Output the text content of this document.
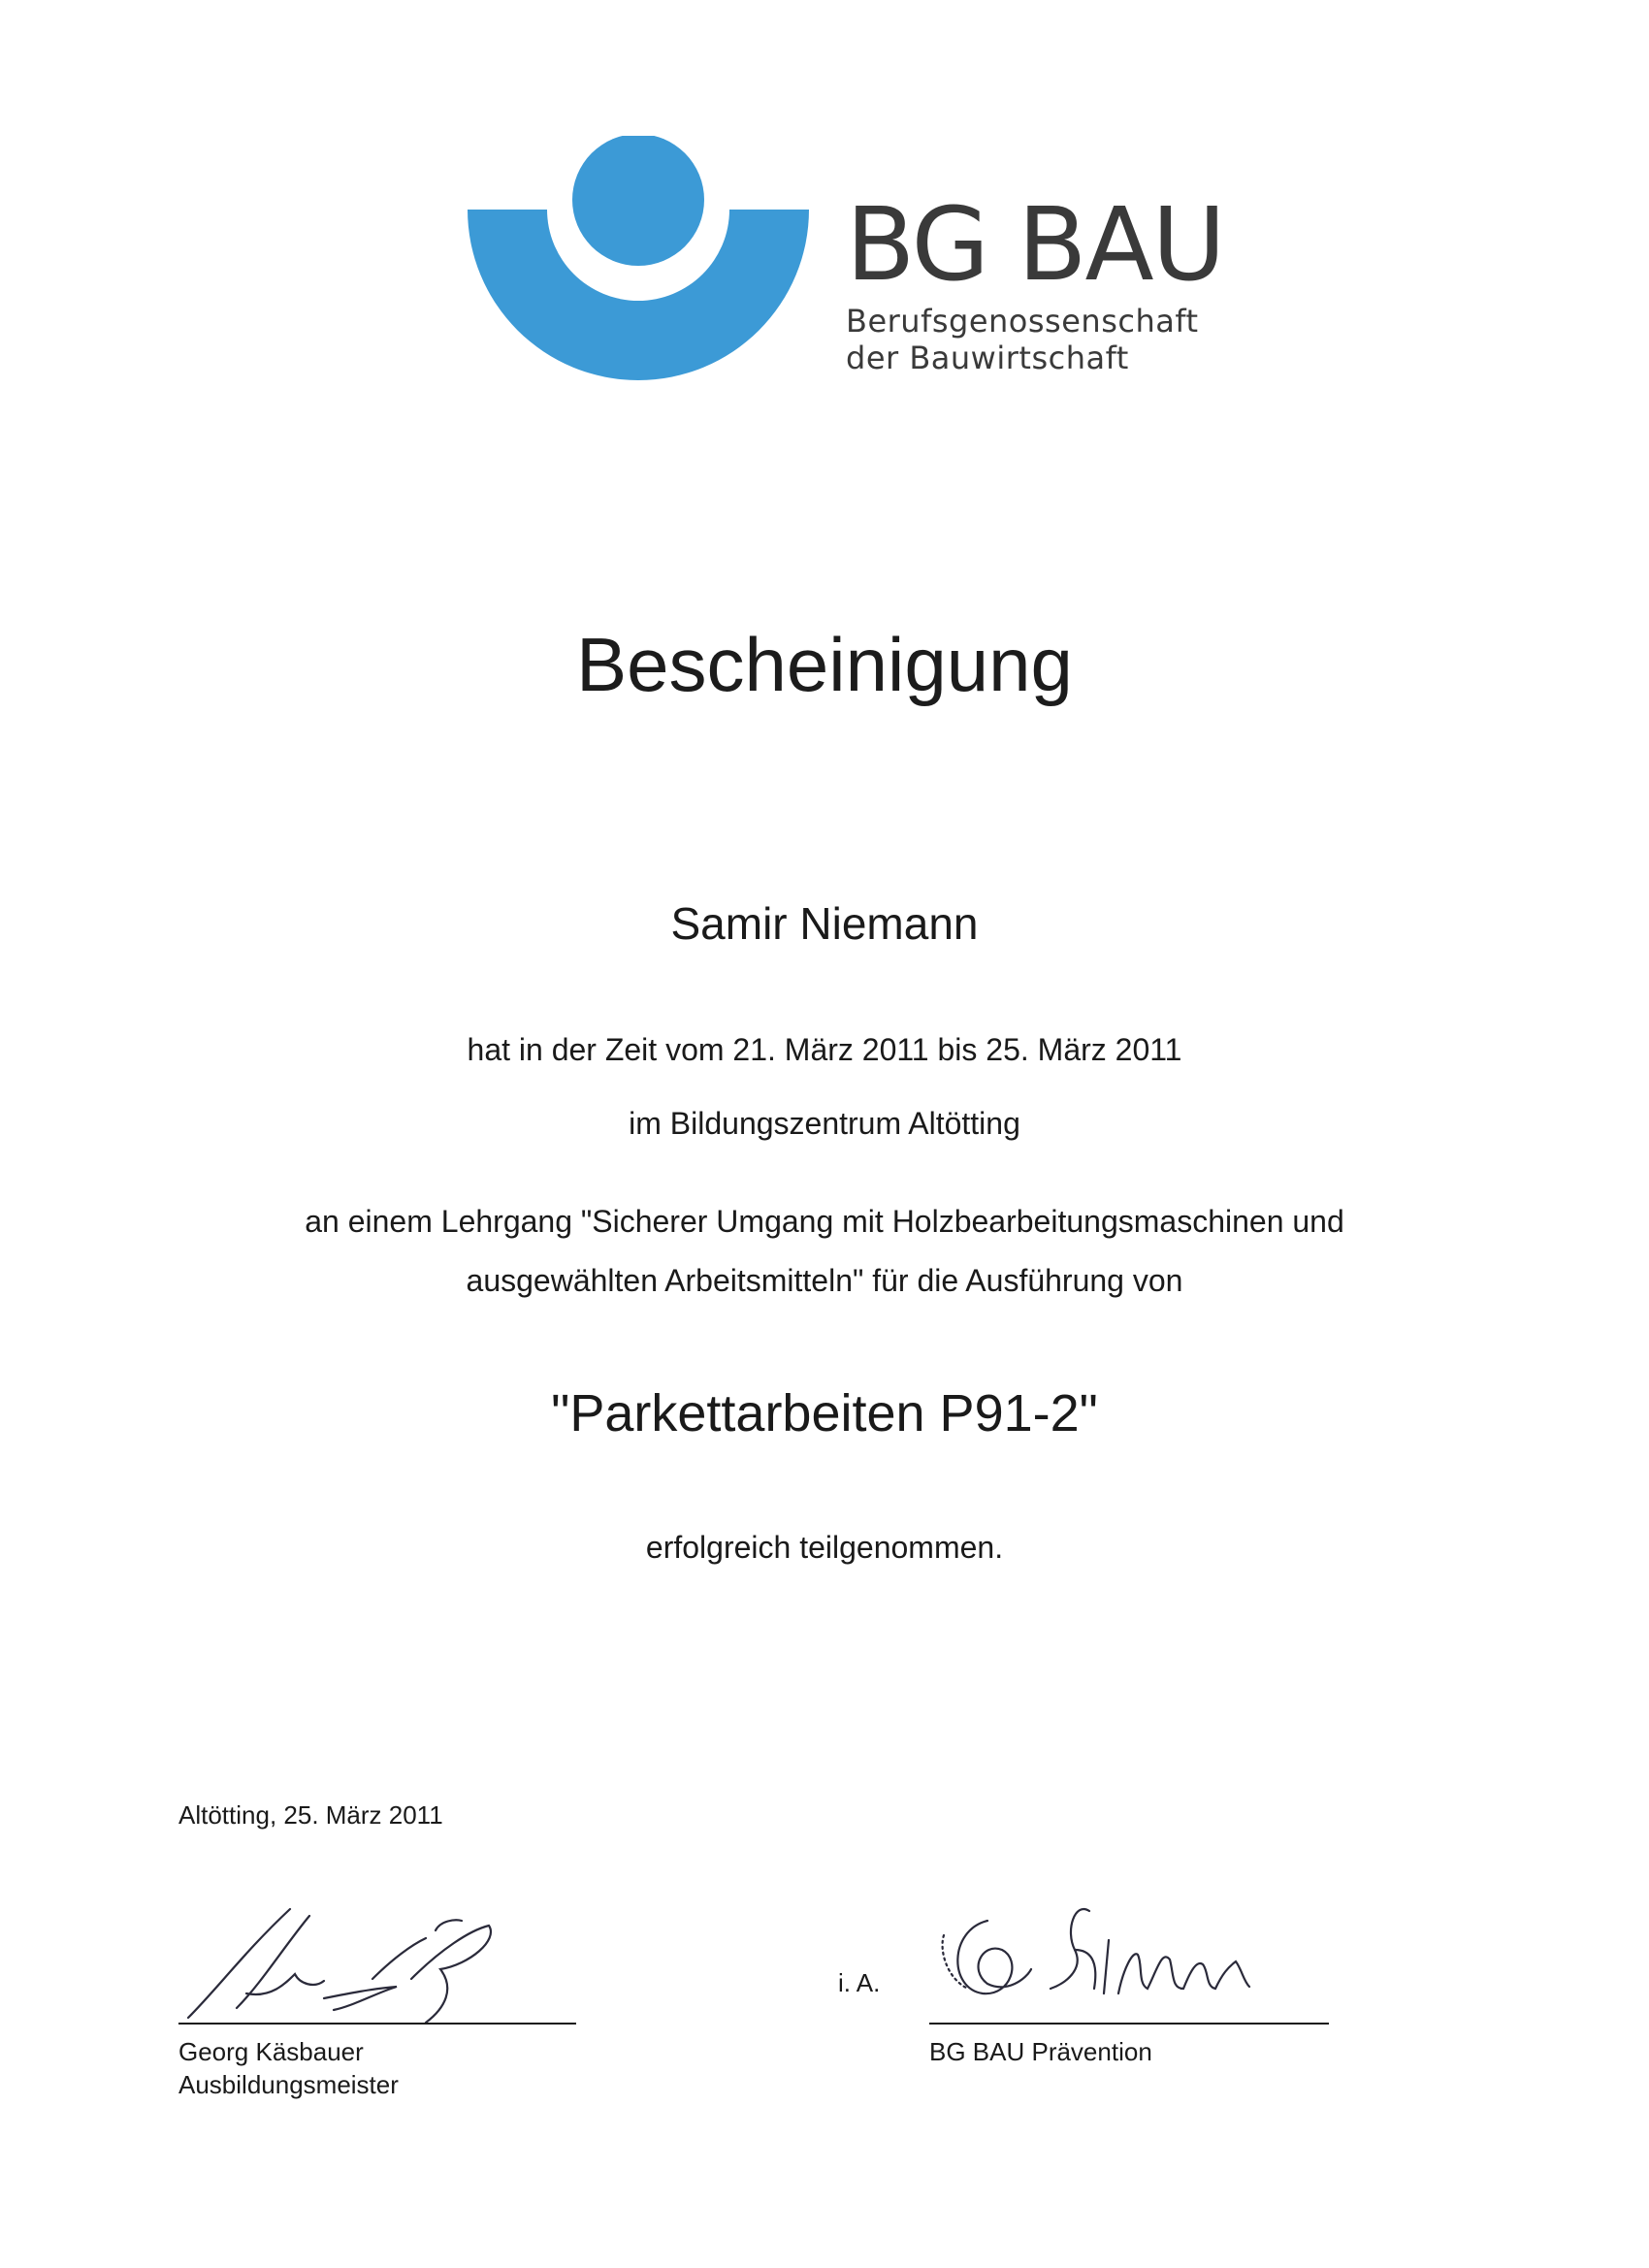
BG BAU
Berufsgenossenschaft
der Bauwirtschaft
Bescheinigung
Samir Niemann
hat in der Zeit vom 21. März 2011 bis 25. März 2011
im Bildungszentrum Altötting
an einem Lehrgang "Sicherer Umgang mit Holzbearbeitungsmaschinen und
ausgewählten Arbeitsmitteln" für die Ausführung von
"Parkettarbeiten P91-2"
erfolgreich teilgenommen.
Altötting, 25. März 2011
Georg Käsbauer
Ausbildungsmeister
i. A.
BG BAU Prävention
